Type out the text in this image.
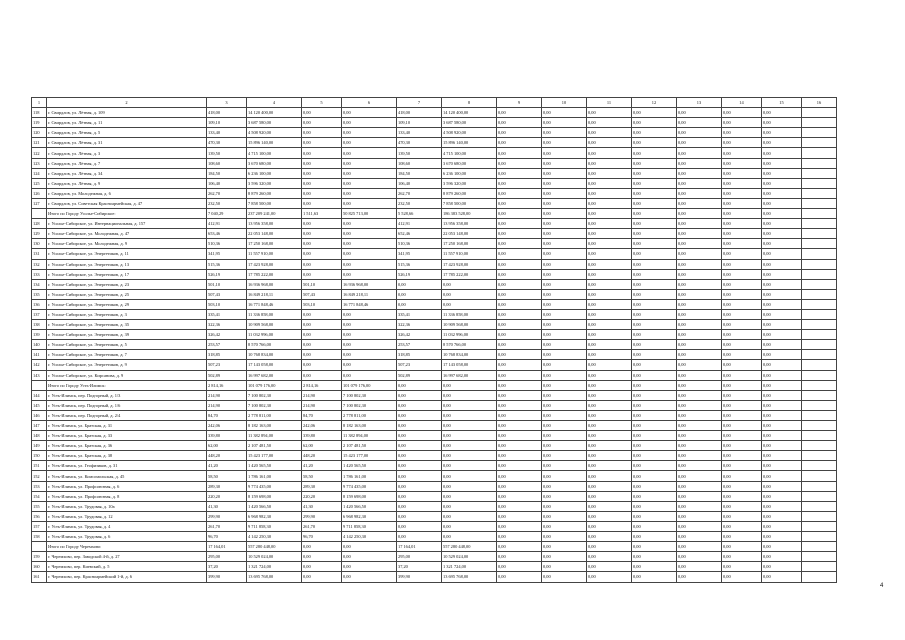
1	2	3	4	5	6	7	8	9	10	11	12	13	14	15	16
118	г. Свирдлов, ул. Лётная, д. 109	418,00	14 120 400,00	0,00	0,00	418,00	14 120 400,00	0,00	0,00	0,00	0,00	0,00	0,00	0,00	
119	г. Свирдлов, ул. Лётная, д. 11	109,10	3 687 580,00	0,00	0,00	109,10	3 687 580,00	0,00	0,00	0,00	0,00	0,00	0,00	0,00	
120	г. Свирдлов, ул. Лётная, д. 5	133,40	4 508 920,00	0,00	0,00	133,40	4 508 920,00	0,00	0,00	0,00	0,00	0,00	0,00	0,00	
121	г. Свирдлов, ул. Лётная, д. 31	470,30	15 896 140,00	0,00	0,00	470,30	15 896 140,00	0,00	0,00	0,00	0,00	0,00	0,00	0,00	
122	г. Свирдлов, ул. Лётная, д. 3	139,50	4 715 100,00	0,00	0,00	139,50	4 715 100,00	0,00	0,00	0,00	0,00	0,00	0,00	0,00	
123	г. Свирдлов, ул. Лётная, д. 7	108,60	3 670 680,00	0,00	0,00	108,60	3 670 680,00	0,00	0,00	0,00	0,00	0,00	0,00	0,00	
124	г. Свирдлов, ул. Лётная, д. 34	184,50	6 236 100,00	0,00	0,00	184,50	6 236 100,00	0,00	0,00	0,00	0,00	0,00	0,00	0,00	
125	г. Свирдлов, ул. Лётная, д. 9	106,40	3 596 320,00	0,00	0,00	106,40	3 596 320,00	0,00	0,00	0,00	0,00	0,00	0,00	0,00	
126	г. Свирдлов, ул. Молодежная, д. 6	262,70	8 879 260,00	0,00	0,00	262,70	8 879 260,00	0,00	0,00	0,00	0,00	0,00	0,00	0,00	
127	г. Свирдлов, ул. Советская Красноармейская, д. 47	232,50	7 858 500,00	0,00	0,00	232,50	7 858 500,00	0,00	0,00	0,00	0,00	0,00	0,00	0,00	
	Итого по Городу Усолье-Сибирское:	7 040,29	237 209 241,00	1 511,63	50 825 713,00	5 528,66	186 383 528,00	0,00	0,00	0,00	0,00	0,00	0,00	0,00	
128	г. Усолье-Сибирское, ул. Интернациональная, д. 157	412,91	13 956 358,00	0,00	0,00	412,91	13 956 358,00	0,00	0,00	0,00	0,00	0,00	0,00	0,00	
129	г. Усолье-Сибирское, ул. Молодежная, д. 47	653,46	22 053 148,00	0,00	0,00	652,46	22 053 148,00	0,00	0,00	0,00	0,00	0,00	0,00	0,00	
130	г. Усолье-Сибирское, ул. Молодежная, д. 9	510,36	17 250 168,00	0,00	0,00	510,36	17 250 168,00	0,00	0,00	0,00	0,00	0,00	0,00	0,00	
131	г. Усолье-Сибирское, ул. Энергетиков, д. 11	341,95	11 557 910,00	0,00	0,00	341,95	11 557 910,00	0,00	0,00	0,00	0,00	0,00	0,00	0,00	
132	г. Усолье-Сибирское, ул. Энергетиков, д. 13	515,36	17 423 928,00	0,00	0,00	515,36	17 423 928,00	0,00	0,00	0,00	0,00	0,00	0,00	0,00	
133	г. Усолье-Сибирское, ул. Энергетиков, д. 17	526,19	17 785 222,00	0,00	0,00	526,19	17 785 222,00	0,00	0,00	0,00	0,00	0,00	0,00	0,00	
134	г. Усолье-Сибирское, ул. Энергетиков, д. 23	501,10	16 936 968,00	501,10	16 936 968,00	0,00	0,00	0,00	0,00	0,00	0,00	0,00	0,00	0,00	
135	г. Усолье-Сибирское, ул. Энергетиков, д. 25	507,43	16 849 218,11	507,43	16 849 218,11	0,00	0,00	0,00	0,00	0,00	0,00	0,00	0,00	0,00	
136	г. Усолье-Сибирское, ул. Энергетиков, д. 29	503,10	16 771 848,46	503,10	16 771 848,46	0,00	0,00	0,00	0,00	0,00	0,00	0,00	0,00	0,00	
137	г. Усолье-Сибирское, ул. Энергетиков, д. 3	335,41	11 336 858,00	0,00	0,00	335,41	11 336 858,00	0,00	0,00	0,00	0,00	0,00	0,00	0,00	
138	г. Усолье-Сибирское, ул. Энергетиков, д. 35	322,36	10 909 568,00	0,00	0,00	322,36	10 909 568,00	0,00	0,00	0,00	0,00	0,00	0,00	0,00	
139	г. Усолье-Сибирское, ул. Энергетиков, д. 39	326,42	11 032 996,00	0,00	0,00	326,42	11 032 996,00	0,00	0,00	0,00	0,00	0,00	0,00	0,00	
140	г. Усолье-Сибирское, ул. Энергетиков, д. 5	253,57	8 570 766,00	0,00	0,00	253,57	8 570 766,00	0,00	0,00	0,00	0,00	0,00	0,00	0,00	
141	г. Усолье-Сибирское, ул. Энергетиков, д. 7	318,85	10 768 834,00	0,00	0,00	318,85	10 768 834,00	0,00	0,00	0,00	0,00	0,00	0,00	0,00	
142	г. Усолье-Сибирское, ул. Энергетиков, д. 9	507,23	17 143 058,00	0,00	0,00	507,23	17 143 058,00	0,00	0,00	0,00	0,00	0,00	0,00	0,00	
143	г. Усолье-Сибирское, ул. Кирсанова, д. 9	502,89	16 997 682,00	0,00	0,00	502,89	16 997 682,00	0,00	0,00	0,00	0,00	0,00	0,00	0,00	
	Итого по Городу Усть-Илимск:	2 814,16	101 079 176,00	2 814,16	101 079 176,00	0,00	0,00	0,00	0,00	0,00	0,00	0,00	0,00	0,00	
144	г. Усть-Илимск, пер. Подгорный, д. 1/3	214,90	7 100 802,30	214,90	7 100 802,30	0,00	0,00	0,00	0,00	0,00	0,00	0,00	0,00	0,00	
145	г. Усть-Илимск, пер. Подгорный, д. 1/6	214,90	7 100 802,30	214,90	7 100 802,30	0,00	0,00	0,00	0,00	0,00	0,00	0,00	0,00	0,00	
146	г. Усть-Илимск, пер. Подгорный, д. 2/4	84,70	2 778 811,00	84,70	2 778 811,00	0,00	0,00	0,00	0,00	0,00	0,00	0,00	0,00	0,00	
147	г. Усть-Илимск, ул. Братская, д. 31	242,06	8 182 163,00	242,06	8 182 163,00	0,00	0,00	0,00	0,00	0,00	0,00	0,00	0,00	0,00	
148	г. Усть-Илимск, ул. Братская, д. 33	339,80	11 382 894,00	339,80	11 382 894,00	0,00	0,00	0,00	0,00	0,00	0,00	0,00	0,00	0,00	
149	г. Усть-Илимск, ул. Братская, д. 36	62,00	2 107 481,50	62,00	2 107 481,50	0,00	0,00	0,00	0,00	0,00	0,00	0,00	0,00	0,00	
150	г. Усть-Илимск, ул. Братская, д. 38	448,20	15 423 177,00	448,20	15 423 177,00	0,00	0,00	0,00	0,00	0,00	0,00	0,00	0,00	0,00	
151	г. Усть-Илимск, ул. Геофизиков, д. 31	41,20	1 420 565,50	41,20	1 420 565,50	0,00	0,00	0,00	0,00	0,00	0,00	0,00	0,00	0,00	
152	г. Усть-Илимск, ул. Комсомольская, д. 45	58,50	1 786 161,00	58,50	1 786 161,00	0,00	0,00	0,00	0,00	0,00	0,00	0,00	0,00	0,00	
153	г. Усть-Илимск, ул. Профсоюзная, д. 6	289,30	9 774 435,00	289,30	9 774 435,00	0,00	0,00	0,00	0,00	0,00	0,00	0,00	0,00	0,00	
154	г. Усть-Илимск, ул. Профсоюзная, д. 8	220,20	8 159 698,00	220,20	8 159 698,00	0,00	0,00	0,00	0,00	0,00	0,00	0,00	0,00	0,00	
155	г. Усть-Илимск, ул. Трудовая, д. 10а	41,30	1 420 566,50	41,30	1 420 566,50	0,00	0,00	0,00	0,00	0,00	0,00	0,00	0,00	0,00	
156	г. Усть-Илимск, ул. Трудовая, д. 12	299,90	6 968 982,30	299,90	6 968 982,30	0,00	0,00	0,00	0,00	0,00	0,00	0,00	0,00	0,00	
157	г. Усть-Илимск, ул. Трудовая, д. 4	261,70	9 711 858,30	261,70	9 711 858,30	0,00	0,00	0,00	0,00	0,00	0,00	0,00	0,00	0,00	
158	г. Усть-Илимск, ул. Трудовая, д. 6	96,70	4 142 250,30	96,70	4 142 250,30	0,00	0,00	0,00	0,00	0,00	0,00	0,00	0,00	0,00	
	Итого по Городу Черемхово:	17 164,01	557 280 448,00	0,00	0,00	17 164,01	557 280 448,00	0,00	0,00	0,00	0,00	0,00	0,00	0,00	
159	г. Черемхово, пер. Заводской 4-й, д. 27	295,00	10 529 024,00	0,00	0,00	295,00	10 529 024,00	0,00	0,00	0,00	0,00	0,00	0,00	0,00	
160	г. Черемхово, пер. Киевский, д. 5	37,20	1 321 724,00	0,00	0,00	37,20	1 321 724,00	0,00	0,00	0,00	0,00	0,00	0,00	0,00	
161	г. Черемхово, пер. Красноармейский 1-й, д. 6	399,90	13 695 768,00	0,00	0,00	399,90	13 695 768,00	0,00	0,00	0,00	0,00	0,00	0,00	0,00	
4
